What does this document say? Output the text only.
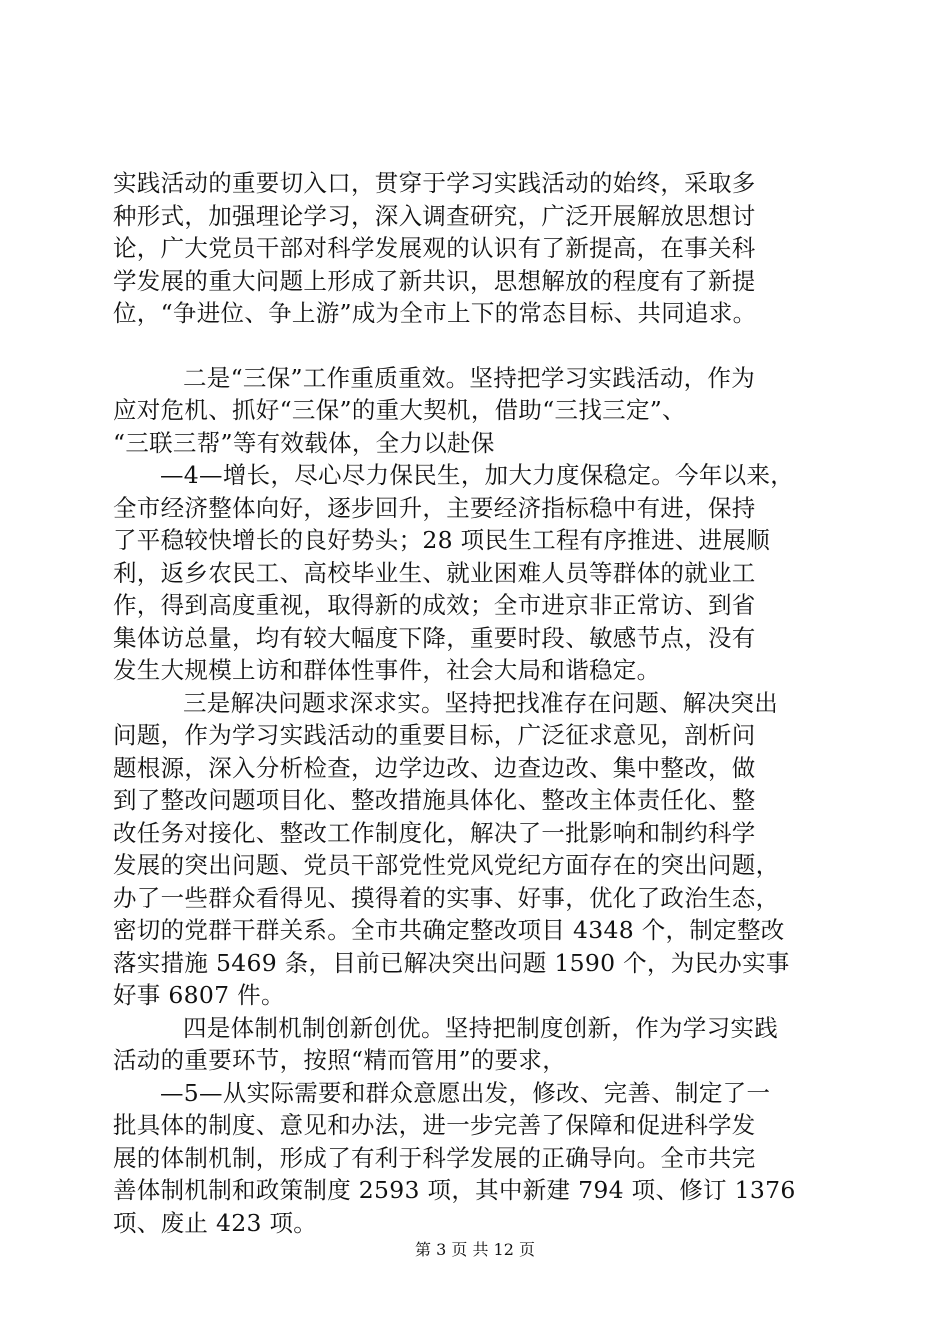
实践活动的重要切入口，贯穿于学习实践活动的始终，采取多
种形式，加强理论学习，深入调查研究，广泛开展解放思想讨
论，广大党员干部对科学发展观的认识有了新提高，在事关科
学发展的重大问题上形成了新共识，思想解放的程度有了新提
位，“争进位、争上游”成为全市上下的常态目标、共同追求。
二是“三保”工作重质重效。坚持把学习实践活动，作为
应对危机、抓好“三保”的重大契机，借助“三找三定”、
“三联三帮”等有效载体，全力以赴保
—4—增长，尽心尽力保民生，加大力度保稳定。今年以来，
全市经济整体向好，逐步回升，主要经济指标稳中有进，保持
了平稳较快增长的良好势头；28 项民生工程有序推进、进展顺
利，返乡农民工、高校毕业生、就业困难人员等群体的就业工
作，得到高度重视，取得新的成效；全市进京非正常访、到省
集体访总量，均有较大幅度下降，重要时段、敏感节点，没有
发生大规模上访和群体性事件，社会大局和谐稳定。
三是解决问题求深求实。坚持把找准存在问题、解决突出
问题，作为学习实践活动的重要目标，广泛征求意见，剖析问
题根源，深入分析检查，边学边改、边查边改、集中整改，做
到了整改问题项目化、整改措施具体化、整改主体责任化、整
改任务对接化、整改工作制度化，解决了一批影响和制约科学
发展的突出问题、党员干部党性党风党纪方面存在的突出问题，
办了一些群众看得见、摸得着的实事、好事，优化了政治生态，
密切的党群干群关系。全市共确定整改项目 4348 个，制定整改
落实措施 5469 条，目前已解决突出问题 1590 个，为民办实事
好事 6807 件。
四是体制机制创新创优。坚持把制度创新，作为学习实践
活动的重要环节，按照“精而管用”的要求，
—5—从实际需要和群众意愿出发，修改、完善、制定了一
批具体的制度、意见和办法，进一步完善了保障和促进科学发
展的体制机制，形成了有利于科学发展的正确导向。全市共完
善体制机制和政策制度 2593 项，其中新建 794 项、修订 1376
项、废止 423 项。
第 3 页 共 12 页
